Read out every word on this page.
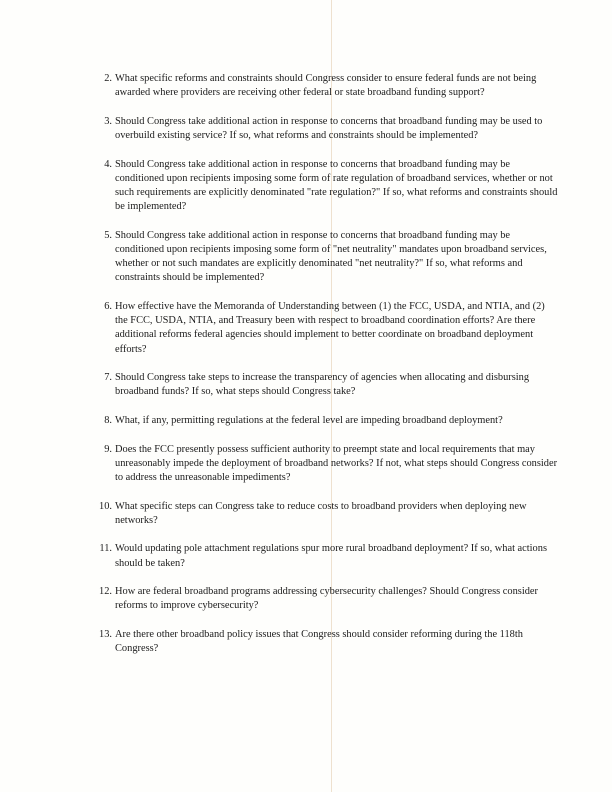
2. What specific reforms and constraints should Congress consider to ensure federal funds are not being awarded where providers are receiving other federal or state broadband funding support?
3. Should Congress take additional action in response to concerns that broadband funding may be used to overbuild existing service? If so, what reforms and constraints should be implemented?
4. Should Congress take additional action in response to concerns that broadband funding may be conditioned upon recipients imposing some form of rate regulation of broadband services, whether or not such requirements are explicitly denominated "rate regulation?" If so, what reforms and constraints should be implemented?
5. Should Congress take additional action in response to concerns that broadband funding may be conditioned upon recipients imposing some form of "net neutrality" mandates upon broadband services, whether or not such mandates are explicitly denominated "net neutrality?" If so, what reforms and constraints should be implemented?
6. How effective have the Memoranda of Understanding between (1) the FCC, USDA, and NTIA, and (2) the FCC, USDA, NTIA, and Treasury been with respect to broadband coordination efforts? Are there additional reforms federal agencies should implement to better coordinate on broadband deployment efforts?
7. Should Congress take steps to increase the transparency of agencies when allocating and disbursing broadband funds? If so, what steps should Congress take?
8. What, if any, permitting regulations at the federal level are impeding broadband deployment?
9. Does the FCC presently possess sufficient authority to preempt state and local requirements that may unreasonably impede the deployment of broadband networks? If not, what steps should Congress consider to address the unreasonable impediments?
10. What specific steps can Congress take to reduce costs to broadband providers when deploying new networks?
11. Would updating pole attachment regulations spur more rural broadband deployment? If so, what actions should be taken?
12. How are federal broadband programs addressing cybersecurity challenges? Should Congress consider reforms to improve cybersecurity?
13. Are there other broadband policy issues that Congress should consider reforming during the 118th Congress?
